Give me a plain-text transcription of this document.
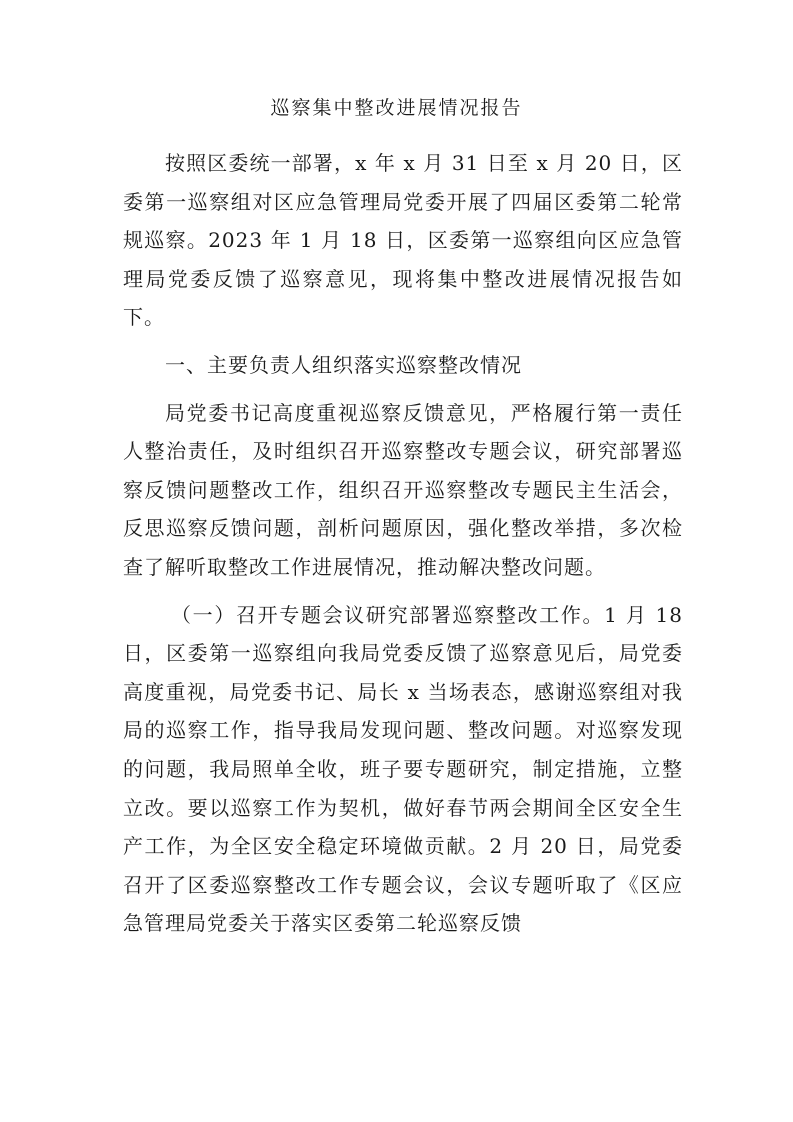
巡察集中整改进展情况报告

按照区委统一部署，x 年 x 月 31 日至 x 月 20 日，区委第一巡察组对区应急管理局党委开展了四届区委第二轮常规巡察。2023 年 1 月 18 日，区委第一巡察组向区应急管理局党委反馈了巡察意见，现将集中整改进展情况报告如下。

一、主要负责人组织落实巡察整改情况

局党委书记高度重视巡察反馈意见，严格履行第一责任人整治责任，及时组织召开巡察整改专题会议，研究部署巡察反馈问题整改工作，组织召开巡察整改专题民主生活会，反思巡察反馈问题，剖析问题原因，强化整改举措，多次检查了解听取整改工作进展情况，推动解决整改问题。

（一）召开专题会议研究部署巡察整改工作。1 月 18 日，区委第一巡察组向我局党委反馈了巡察意见后，局党委高度重视，局党委书记、局长 x 当场表态，感谢巡察组对我局的巡察工作，指导我局发现问题、整改问题。对巡察发现的问题，我局照单全收，班子要专题研究，制定措施，立整立改。要以巡察工作为契机，做好春节两会期间全区安全生产工作，为全区安全稳定环境做贡献。2 月 20 日，局党委召开了区委巡察整改工作专题会议，会议专题听取了《区应急管理局党委关于落实区委第二轮巡察反馈
